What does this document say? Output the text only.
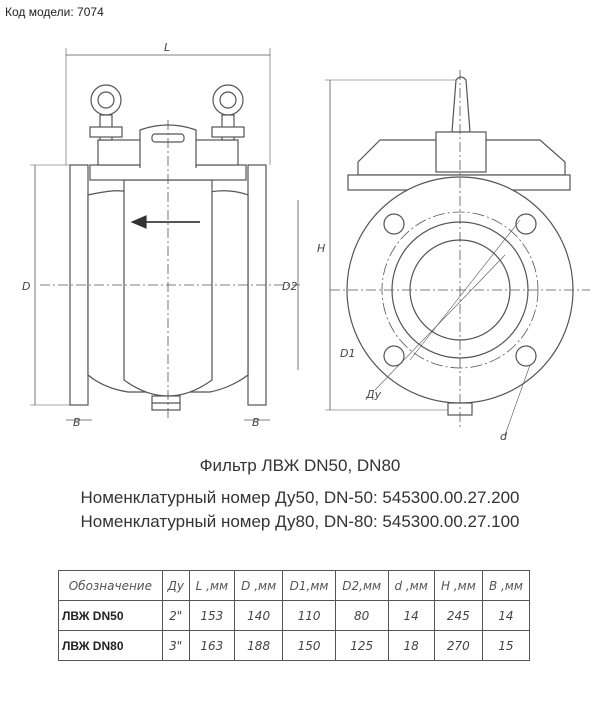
Код модели: 7074
L
D	D2
B	B
H
D1
Ду
d
Фильтр ЛВЖ DN50, DN80
Номенклатурный номер Ду50, DN-50: 545300.00.27.200
Номенклатурный номер Ду80, DN-80: 545300.00.27.100
Обозначение	Ду	L ,мм	D ,мм	D1,мм	D2,мм	d ,мм	H ,мм	B ,мм
ЛВЖ DN50	2"	153	140	110	80	14	245	14
ЛВЖ DN80	3"	163	188	150	125	18	270	15
